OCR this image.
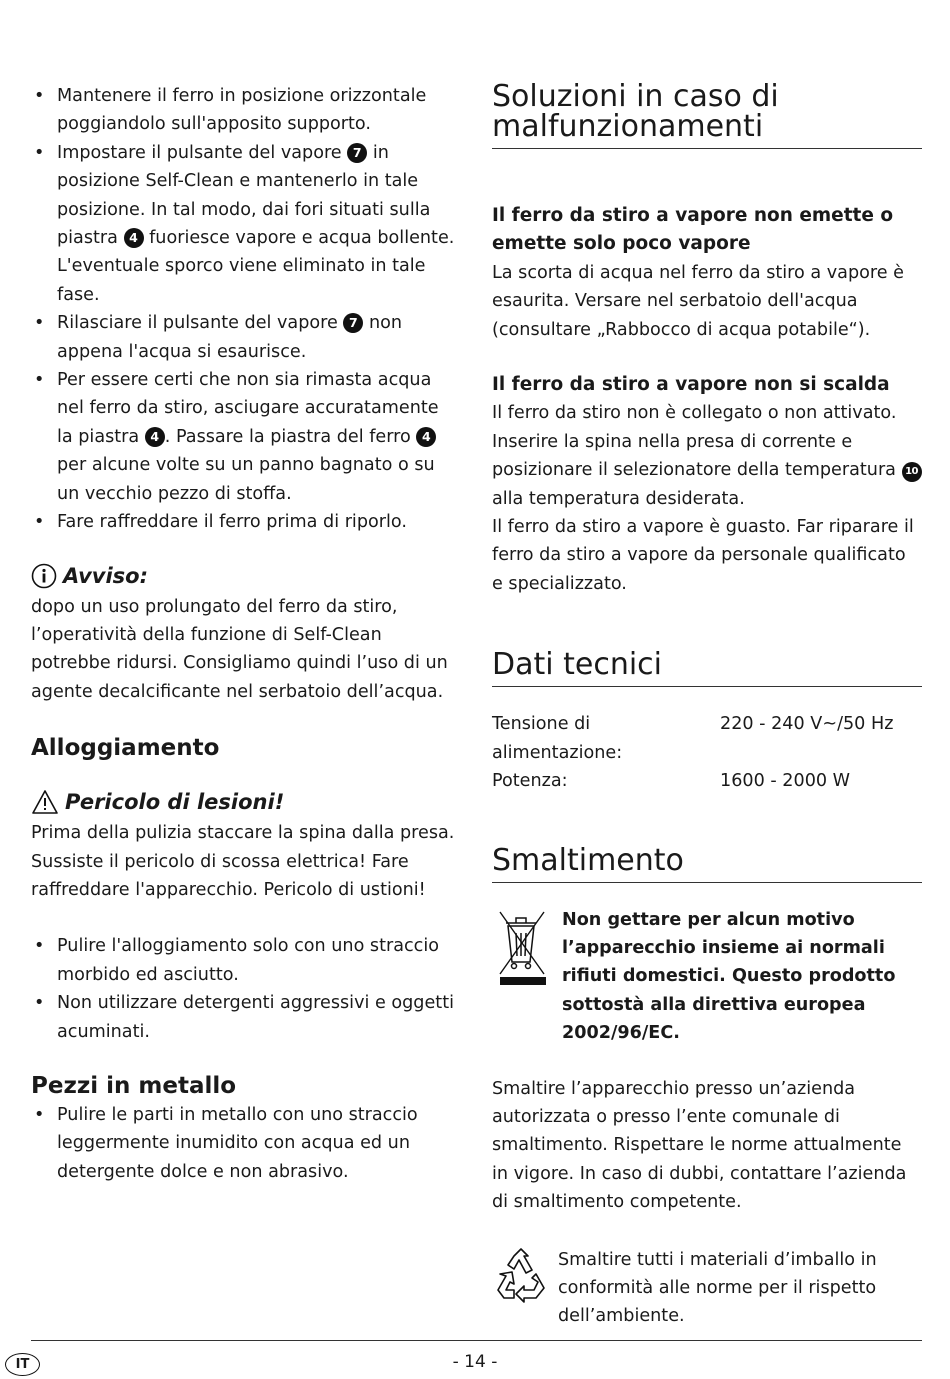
• Mantenere il ferro in posizione orizzontale poggiandolo sull'apposito supporto.
• Impostare il pulsante del vapore 7 in posizione Self-Clean e mantenerlo in tale posizione. In tal modo, dai fori situati sulla piastra 4 fuoriesce vapore e acqua bollente. L'eventuale sporco viene eliminato in tale fase.
• Rilasciare il pulsante del vapore 7 non appena l'acqua si esaurisce.
• Per essere certi che non sia rimasta acqua nel ferro da stiro, asciugare accuratamente la piastra 4 . Passare la piastra del ferro 4 per alcune volte su un panno bagnato o su un vecchio pezzo di stoffa.
• Fare raffreddare il ferro prima di riporlo.
Avviso:

dopo un uso prolungato del ferro da stiro, l’operatività della funzione di Self-Clean potrebbe ridursi. Consigliamo quindi l’uso di un agente decalcificante nel serbatoio dell’acqua.

Alloggiamento
Pericolo di lesioni!

Prima della pulizia staccare la spina dalla presa. Sussiste il pericolo di scossa elettrica! Fare raffreddare l'apparecchio. Pericolo di ustioni!

• Pulire l'alloggiamento solo con uno straccio morbido ed asciutto.
• Non utilizzare detergenti aggressivi e oggetti acuminati.
Pezzi in metallo
• Pulire le parti in metallo con uno straccio leggermente inumidito con acqua ed un detergente dolce e non abrasivo.
Soluzioni in caso di malfunzionamenti
Il ferro da stiro a vapore non emette o emette solo poco vapore

La scorta di acqua nel ferro da stiro a vapore è esaurita. Versare nel serbatoio dell'acqua (consultare „Rabbocco di acqua potabile“).

Il ferro da stiro a vapore non si scalda

Il ferro da stiro non è collegato o non attivato. Inserire la spina nella presa di corrente e posizionare il selezionatore della temperatura 10 alla temperatura desiderata.

Il ferro da stiro a vapore è guasto. Far riparare il ferro da stiro a vapore da personale qualificato e specializzato.

Dati tecnici
Tensione di alimentazione:
220 - 240 V~/50 Hz
Potenza:	1600 - 2000 W
Smaltimento

Non gettare per alcun motivo l’apparecchio insieme ai normali rifiuti domestici. Questo prodotto sottostà alla direttiva europea 2002/96/EC.

Smaltire l’apparecchio presso un’azienda autorizzata o presso l’ente comunale di smaltimento. Rispettare le norme attualmente in vigore. In caso di dubbi, contattare l’azienda di smaltimento competente.

Smaltire tutti i materiali d’imballo in conformità alle norme per il rispetto dell’ambiente.

IT	- 14 -
